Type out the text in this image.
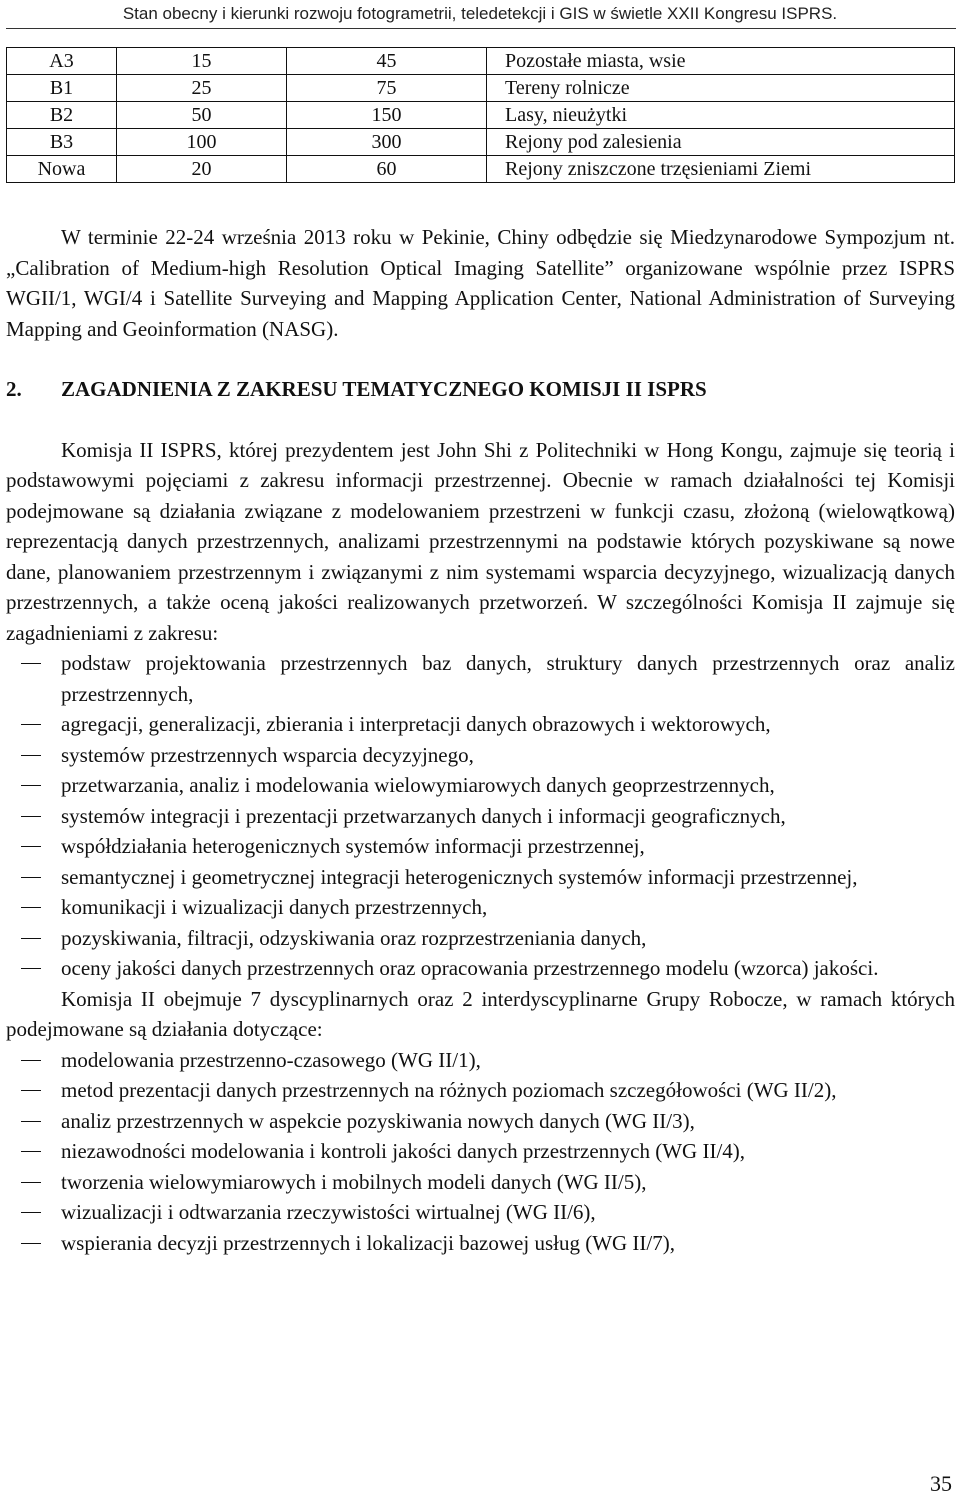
Stan obecny i kierunki rozwoju fotogrametrii, teledetekcji i GIS w świetle XXII Kongresu ISPRS.
A3	15	45	Pozostałe miasta, wsie
B1	25	75	Tereny rolnicze
B2	50	150	Lasy, nieużytki
B3	100	300	Rejony pod zalesienia
Nowa	20	60	Rejony zniszczone trzęsieniami Ziemi

W terminie 22-24 września 2013 roku w Pekinie, Chiny odbędzie się Miedzynarodowe Sympozjum nt. „Calibration of Medium-high Resolution Optical Imaging Satellite” organizowane wspólnie przez ISPRS WGII/1, WGI/4 i Satellite Surveying and Mapping Application Center, National Administration of Surveying Mapping and Geoinformation (NASG).

2. ZAGADNIENIA Z ZAKRESU TEMATYCZNEGO KOMISJI II ISPRS

Komisja II ISPRS, której prezydentem jest John Shi z Politechniki w Hong Kongu, zajmuje się teorią i podstawowymi pojęciami z zakresu informacji przestrzennej. Obecnie w ramach działalności tej Komisji podejmowane są działania związane z modelowaniem przestrzeni w funkcji czasu, złożoną (wielowątkową) reprezentacją danych przestrzennych, analizami przestrzennymi na podstawie których pozyskiwane są nowe dane, planowaniem przestrzennym i związanymi z nim systemami wsparcia decyzyjnego, wizualizacją danych przestrzennych, a także oceną jakości realizowanych przetworzeń. W szczególności Komisja II zajmuje się zagadnieniami z zakresu:

podstaw projektowania przestrzennych baz danych, struktury danych przestrzennych oraz analiz przestrzennych,
agregacji, generalizacji, zbierania i interpretacji danych obrazowych i wektorowych,
systemów przestrzennych wsparcia decyzyjnego,
przetwarzania, analiz i modelowania wielowymiarowych danych geoprzestrzennych,
systemów integracji i prezentacji przetwarzanych danych i informacji geograficznych,
współdziałania heterogenicznych systemów informacji przestrzennej,
semantycznej i geometrycznej integracji heterogenicznych systemów informacji przestrzennej,
komunikacji i wizualizacji danych przestrzennych,
pozyskiwania, filtracji, odzyskiwania oraz rozprzestrzeniania danych,
oceny jakości danych przestrzennych oraz opracowania przestrzennego modelu (wzorca) jakości.

Komisja II obejmuje 7 dyscyplinarnych oraz 2 interdyscyplinarne Grupy Robocze, w ramach których podejmowane są działania dotyczące:

modelowania przestrzenno-czasowego (WG II/1),
metod prezentacji danych przestrzennych na różnych poziomach szczegółowości (WG II/2),
analiz przestrzennych w aspekcie pozyskiwania nowych danych (WG II/3),
niezawodności modelowania i kontroli jakości danych przestrzennych (WG II/4),
tworzenia wielowymiarowych i mobilnych modeli danych (WG II/5),
wizualizacji i odtwarzania rzeczywistości wirtualnej (WG II/6),
wspierania decyzji przestrzennych i lokalizacji bazowej usług (WG II/7),
35
